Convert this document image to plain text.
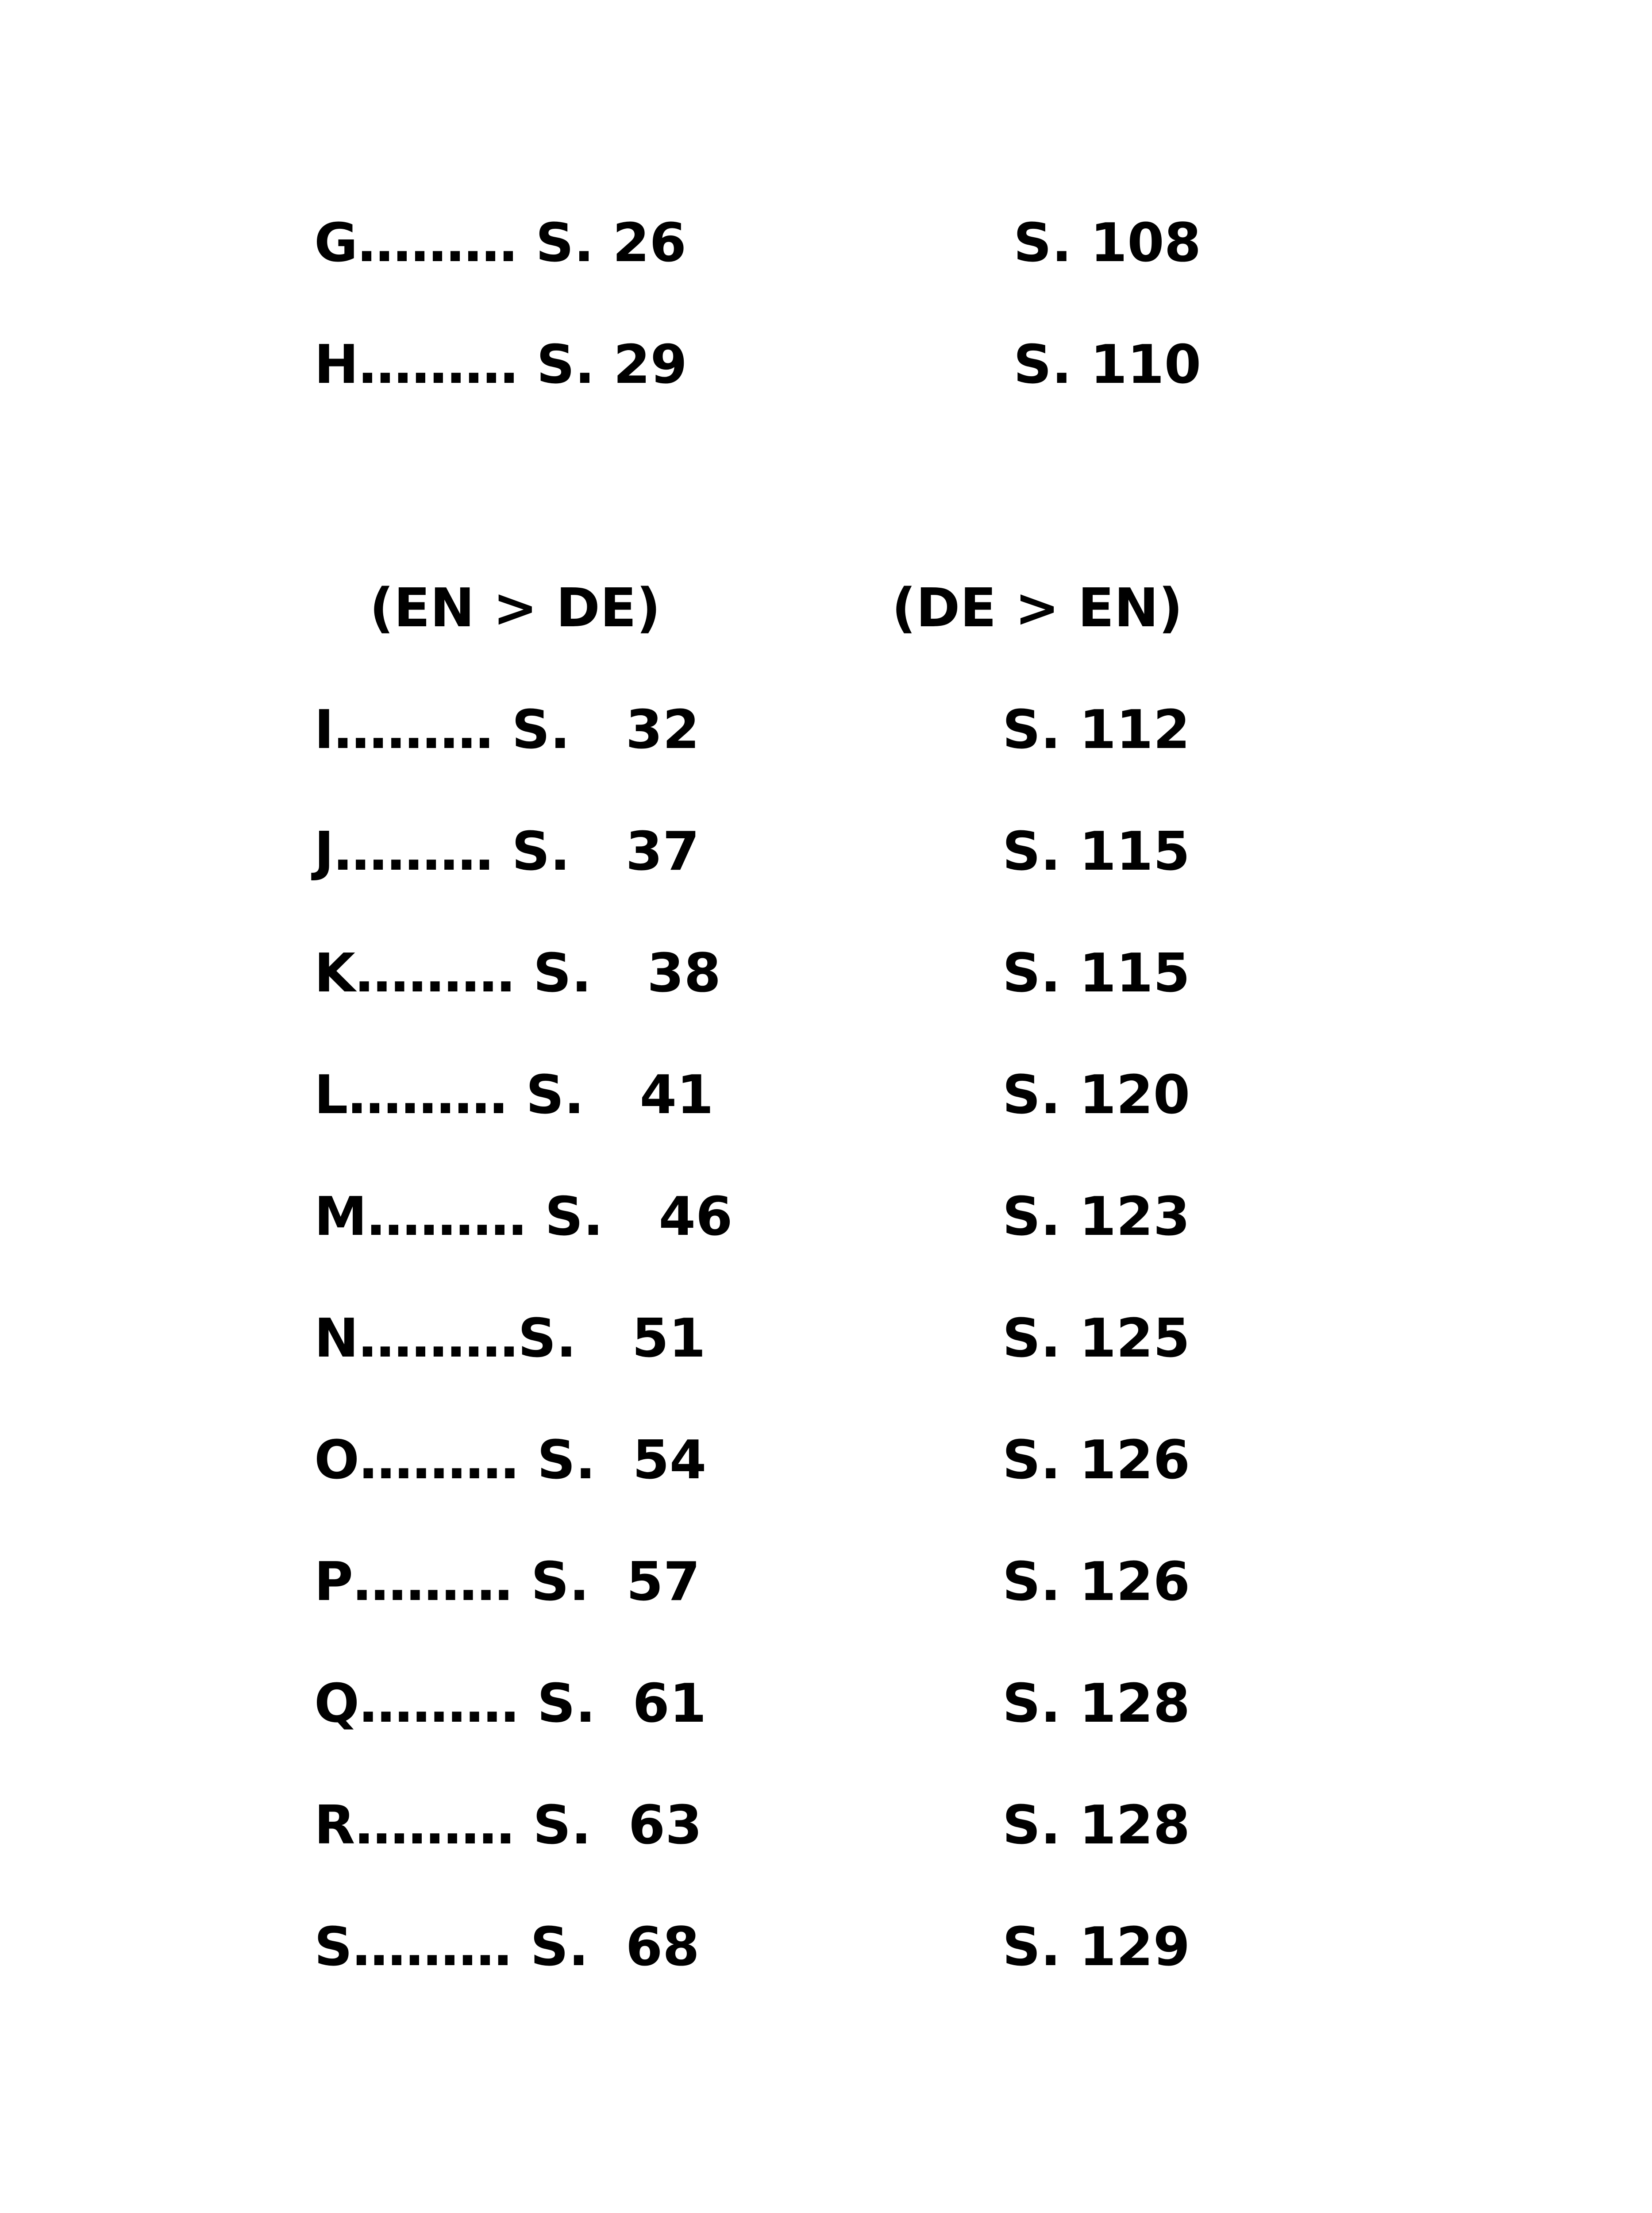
G……… S. 26	S. 108
H……… S. 29	S. 110
(EN > DE)	(DE > EN)
I……… S.   32	S. 112
J……… S.   37	S. 115
K……… S.   38	S. 115
L……… S.   41	S. 120
M……… S.   46	S. 123
N………S.   51	S. 125
O……… S.  54	S. 126
P……… S.  57	S. 126
Q……… S.  61	S. 128
R……… S.  63	S. 128
S……… S.  68	S. 129
